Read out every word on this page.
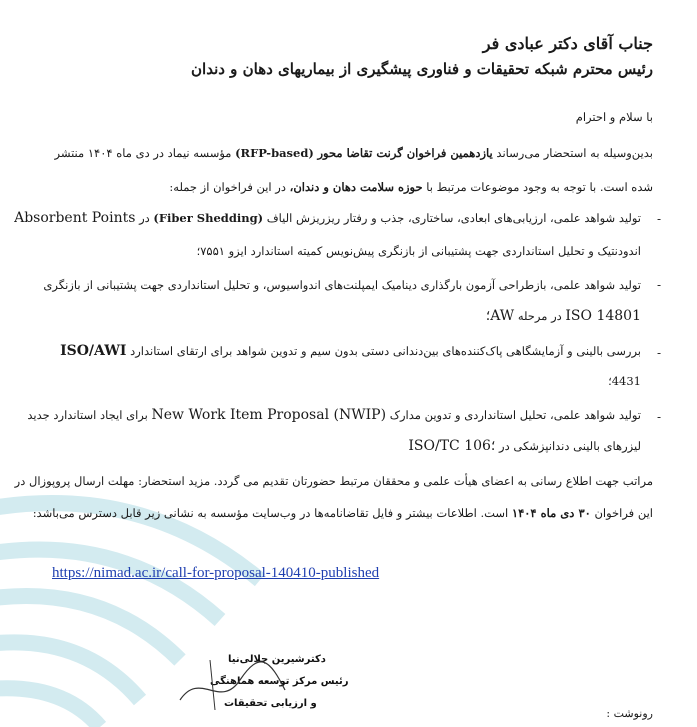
جناب آقای دکتر عبادی فر
رئیس محترم شبکه تحقیقات و فناوری پیشگیری از بیماریهای دهان و دندان
با سلام و احترام
بدین‌وسیله به استحضار می‌رساند یازدهمین فراخوان گرنت تقاضا محور (RFP-based) مؤسسه نیماد در دی ماه ۱۴۰۴ منتشر
شده است. با توجه به وجود موضوعات مرتبط با حوزه سلامت دهان و دندان، در این فراخوان از جمله:
-
تولید شواهد علمی، ارزیابی‌های ابعادی، ساختاری، جذب و رفتار ریزریزش الیاف (Fiber Shedding) در Absorbent Points
اندودنتیک و تحلیل استانداردی جهت پشتیبانی از بازنگری پیش‌نویس کمیته استاندارد ایزو ۷۵۵۱؛
-
تولید شواهد علمی، بازطراحی آزمون بارگذاری دینامیک ایمپلنت‌های اندواسیوس، و تحلیل استانداردی جهت پشتیبانی از بازنگری
ISO 14801 در مرحله AW؛
-
بررسی بالینی و آزمایشگاهی پاک‌کننده‌های بین‌دندانی دستی بدون سیم و تدوین شواهد برای ارتقای استاندارد ISO/AWI
4431؛
-
تولید شواهد علمی، تحلیل استانداردی و تدوین مدارک New Work Item Proposal (NWIP) برای ایجاد استاندارد جدید
لیزرهای بالینی دندانپزشکی در ISO/TC 106؛
مراتب جهت اطلاع رسانی به اعضای هیأت علمی و محققان مرتبط حضورتان تقدیم می گردد. مزید استحضار: مهلت ارسال پروپوزال در
این فراخوان ۳۰ دی ماه ۱۴۰۴ است. اطلاعات بیشتر و فایل تقاضانامه‌ها در وب‌سایت مؤسسه به نشانی زیر قابل دسترس می‌باشد:
https://nimad.ac.ir/call-for-proposal-140410-published
دکترشیرین جلالی‌نیا
رئیس مرکز توسعه هماهنگی
و ارزیابی تحقیقات
رونوشت :
